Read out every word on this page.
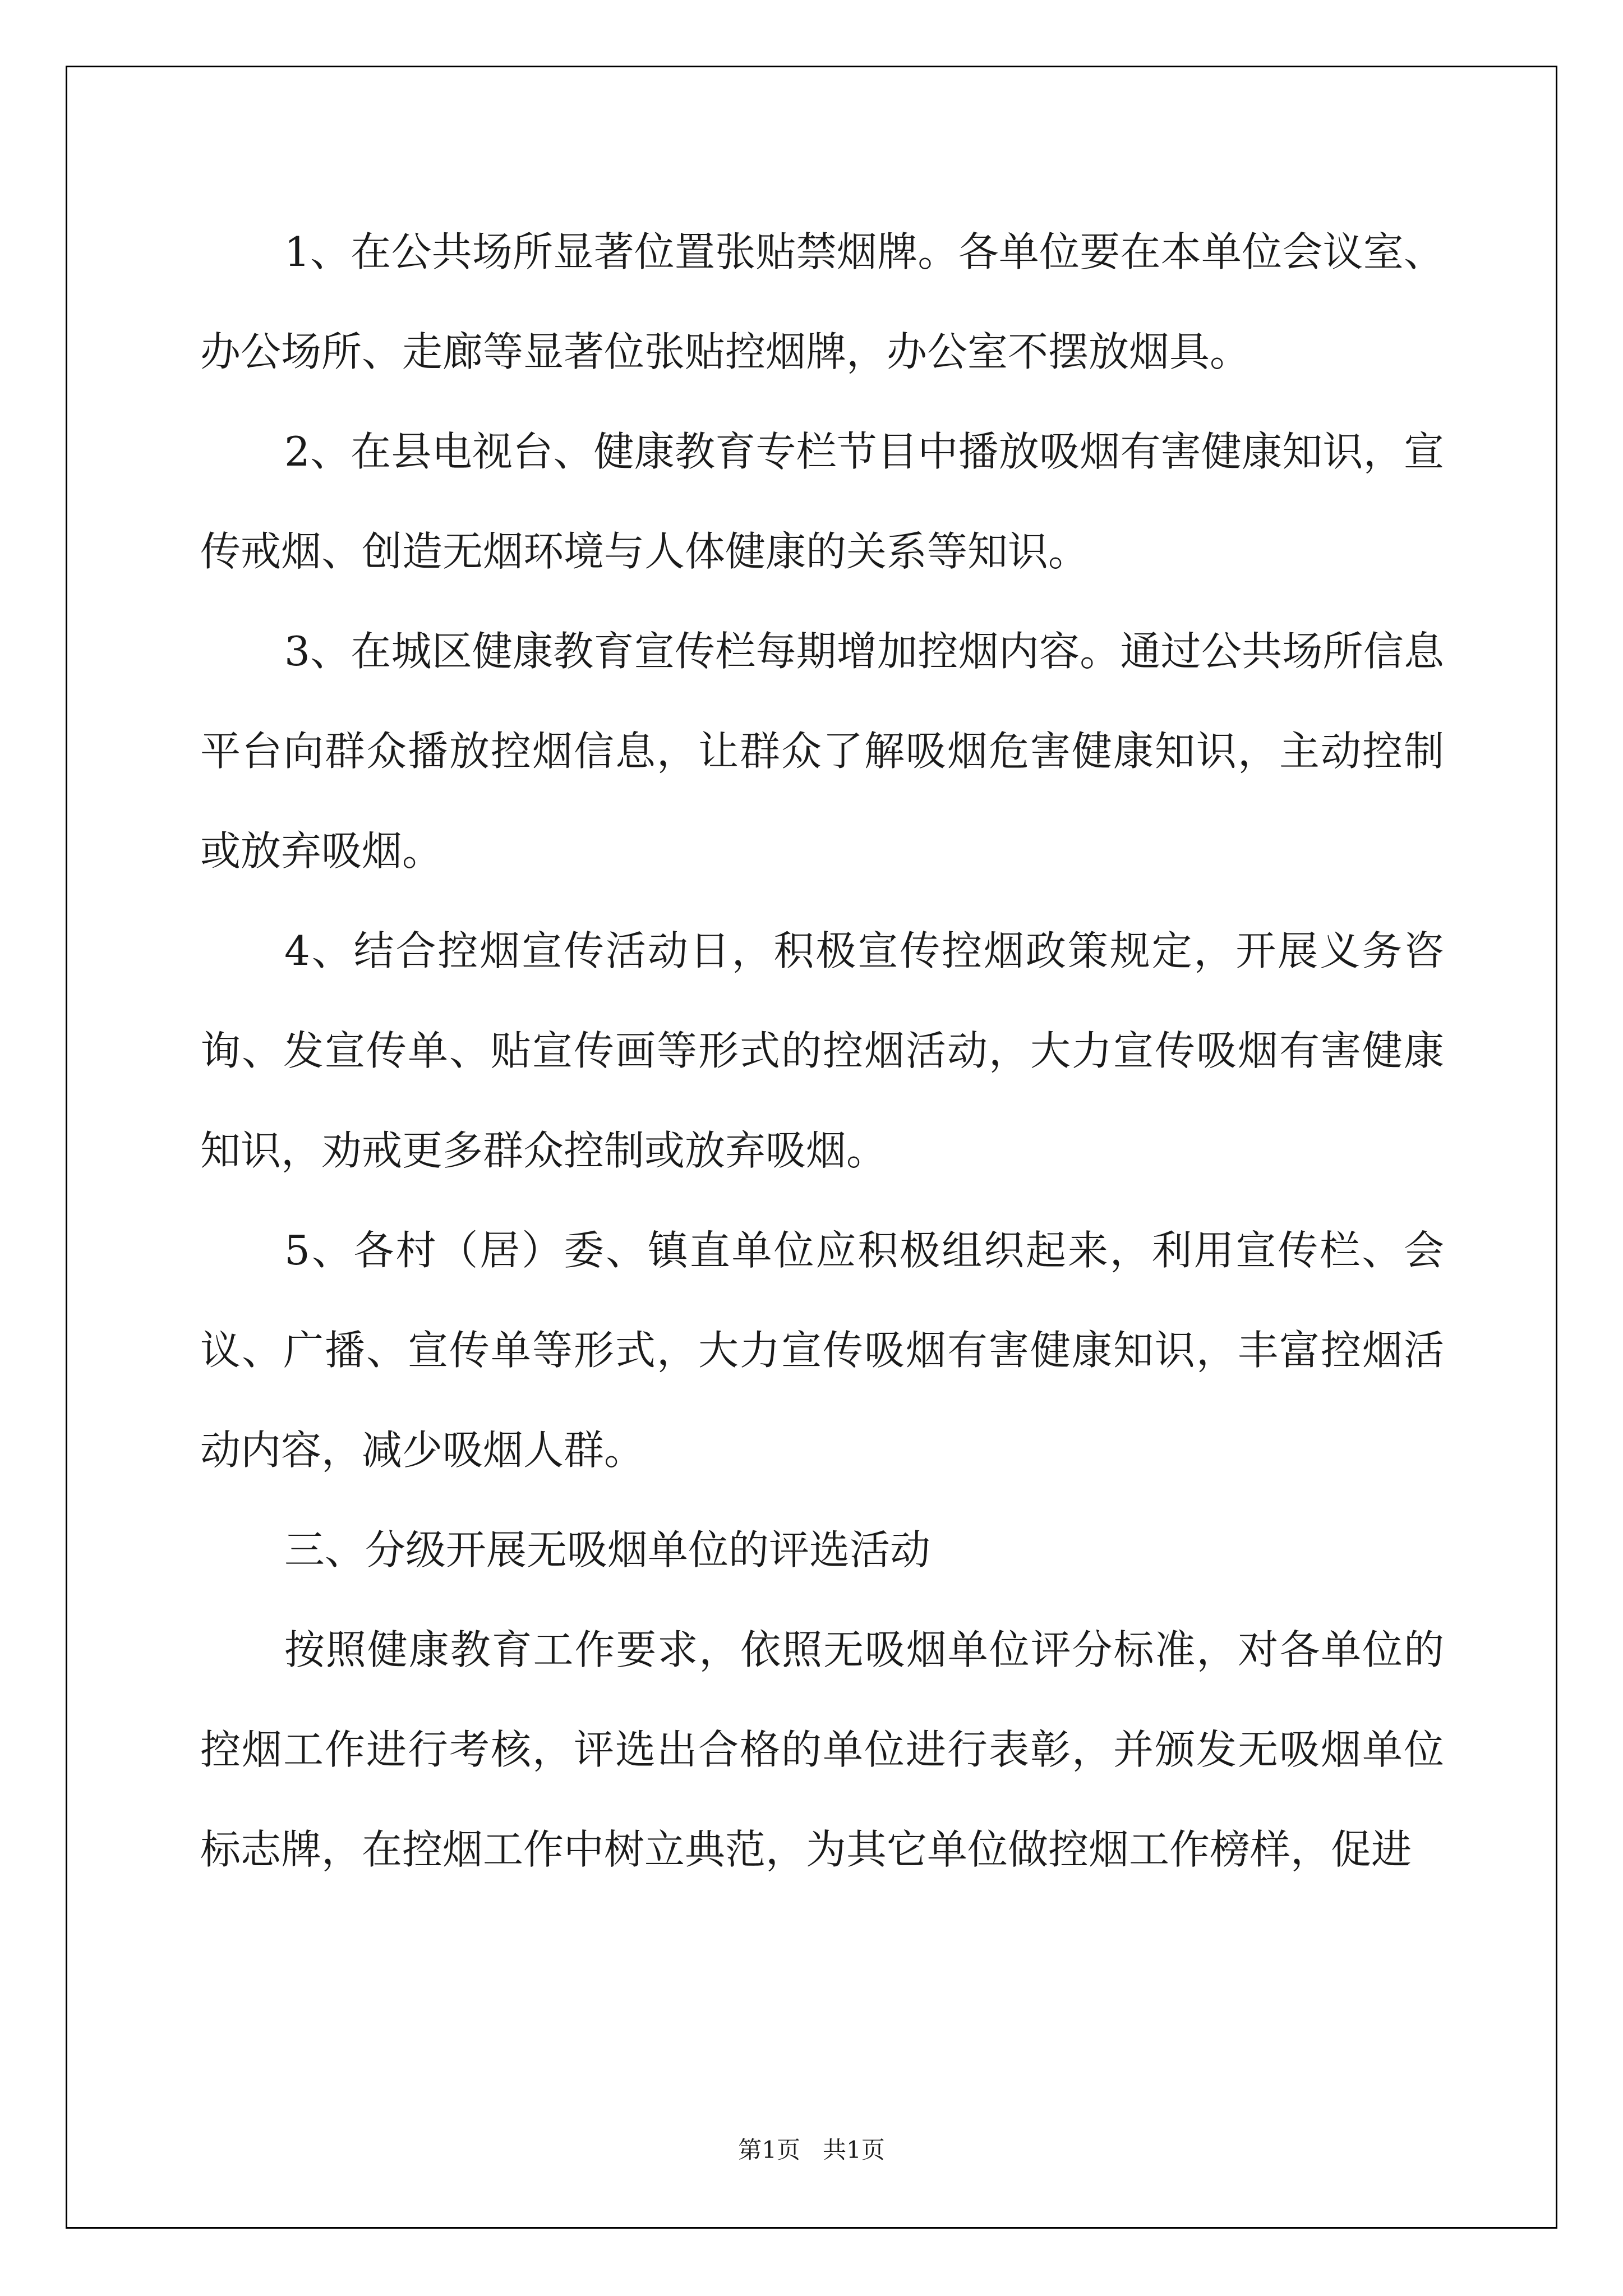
1、在公共场所显著位置张贴禁烟牌。各单位要在本单位会议室、办公场所、走廊等显著位张贴控烟牌，办公室不摆放烟具。

2、在县电视台、健康教育专栏节目中播放吸烟有害健康知识，宣传戒烟、创造无烟环境与人体健康的关系等知识。

3、在城区健康教育宣传栏每期增加控烟内容。通过公共场所信息平台向群众播放控烟信息，让群众了解吸烟危害健康知识，主动控制或放弃吸烟。

4、结合控烟宣传活动日，积极宣传控烟政策规定，开展义务咨询、发宣传单、贴宣传画等形式的控烟活动，大力宣传吸烟有害健康知识，劝戒更多群众控制或放弃吸烟。

5、各村（居）委、镇直单位应积极组织起来，利用宣传栏、会议、广播、宣传单等形式，大力宣传吸烟有害健康知识，丰富控烟活动内容，减少吸烟人群。

三、分级开展无吸烟单位的评选活动

按照健康教育工作要求，依照无吸烟单位评分标准，对各单位的控烟工作进行考核，评选出合格的单位进行表彰，并颁发无吸烟单位标志牌，在控烟工作中树立典范，为其它单位做控烟工作榜样，促进

第1页   共1页
